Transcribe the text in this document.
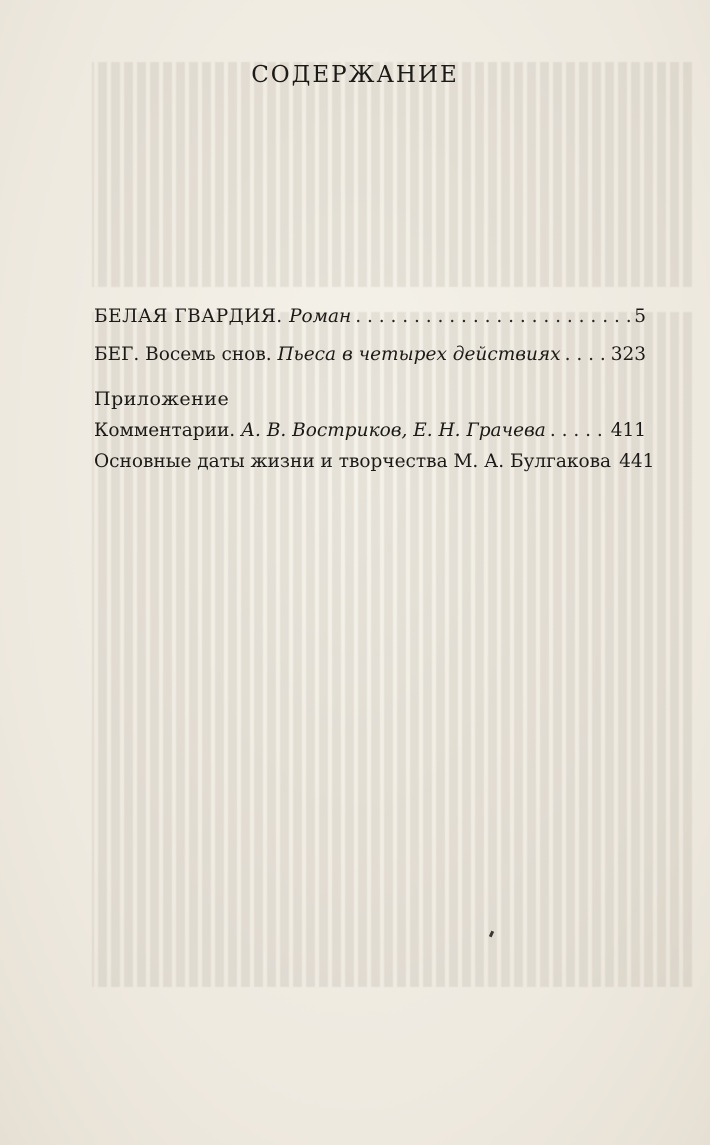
СОДЕРЖАНИЕ
БЕЛАЯ ГВАРДИЯ. Роман . . .	5
БЕГ. Восемь снов. Пьеса в четырех действиях . . .	323
Приложение
Комментарии. А. В. Востриков, Е. Н. Грачева . . .	411
Основные даты жизни и творчества М. А. Булгакова 441
